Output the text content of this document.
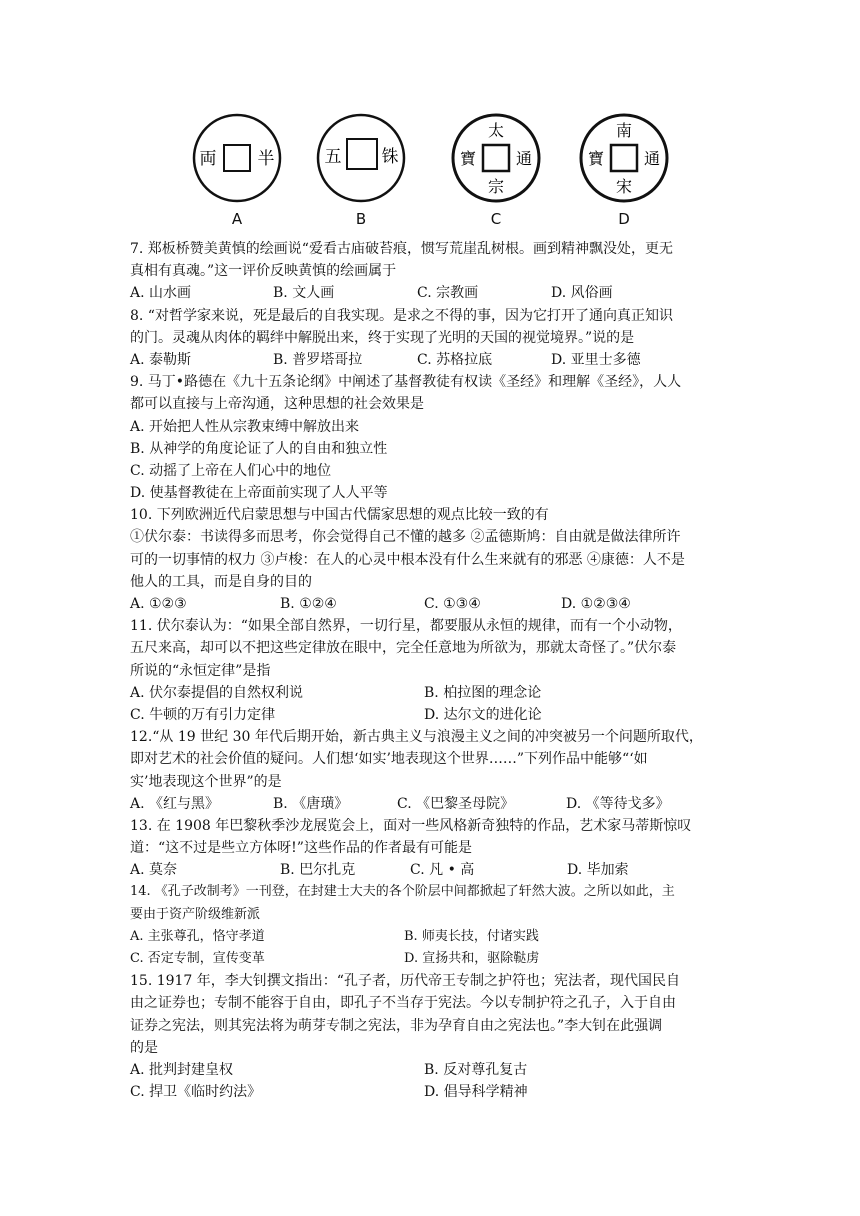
両 半
A
五 铢
B
太
寶 通
宗
C
南
寶 通
宋
D
7. 郑板桥赞美黄慎的绘画说“爱看古庙破苔痕，惯写荒崖乱树根。画到精神飘没处，更无
真相有真魂。”这一评价反映黄慎的绘画属于
A. 山水画	B. 文人画	C. 宗教画	D. 风俗画
8. “对哲学家来说，死是最后的自我实现。是求之不得的事，因为它打开了通向真正知识
的门。灵魂从肉体的羁绊中解脱出来，终于实现了光明的天国的视觉境界。”说的是
A. 泰勒斯	B. 普罗塔哥拉	C. 苏格拉底	D. 亚里士多德
9. 马丁•路德在《九十五条论纲》中阐述了基督教徒有权读《圣经》和理解《圣经》，人人
都可以直接与上帝沟通，这种思想的社会效果是
A. 开始把人性从宗教束缚中解放出来
B. 从神学的角度论证了人的自由和独立性
C. 动摇了上帝在人们心中的地位
D. 使基督教徒在上帝面前实现了人人平等
10. 下列欧洲近代启蒙思想与中国古代儒家思想的观点比较一致的有
①伏尔泰：书读得多而思考，你会觉得自己不懂的越多 ②孟德斯鸠：自由就是做法律所许
可的一切事情的权力 ③卢梭：在人的心灵中根本没有什么生来就有的邪恶 ④康德：人不是
他人的工具，而是自身的目的
A. ①②③	B. ①②④	C. ①③④	D. ①②③④
11. 伏尔泰认为：“如果全部自然界，一切行星，都要服从永恒的规律，而有一个小动物，
五尺来高，却可以不把这些定律放在眼中，完全任意地为所欲为，那就太奇怪了。”伏尔泰
所说的“永恒定律”是指
A. 伏尔泰提倡的自然权利说	B. 柏拉图的理念论
C. 牛顿的万有引力定律	D. 达尔文的进化论
12.“从 19 世纪 30 年代后期开始，新古典主义与浪漫主义之间的冲突被另一个问题所取代，
即对艺术的社会价值的疑问。人们想‘如实’地表现这个世界……”下列作品中能够“‘如
实’地表现这个世界”的是
A. 《红与黑》	B. 《唐璜》	C. 《巴黎圣母院》	D. 《等待戈多》
13. 在 1908 年巴黎秋季沙龙展览会上，面对一些风格新奇独特的作品，艺术家马蒂斯惊叹
道：“这不过是些立方体呀!”这些作品的作者最有可能是
A. 莫奈	B. 巴尔扎克	C. 凡 • 高	D. 毕加索
14. 《孔子改制考》一刊登，在封建士大夫的各个阶层中间都掀起了轩然大波。之所以如此，主
要由于资产阶级维新派
A. 主张尊孔，恪守孝道	B. 师夷长技，付诸实践
C. 否定专制，宣传变革	D. 宣扬共和，驱除鞑虏
15. 1917 年，李大钊撰文指出：“孔子者，历代帝王专制之护符也；宪法者，现代国民自
由之证券也；专制不能容于自由，即孔子不当存于宪法。今以专制护符之孔子，入于自由
证券之宪法，则其宪法将为萌芽专制之宪法，非为孕育自由之宪法也。”李大钊在此强调
的是
A. 批判封建皇权	B. 反对尊孔复古
C. 捍卫《临时约法》	D. 倡导科学精神
